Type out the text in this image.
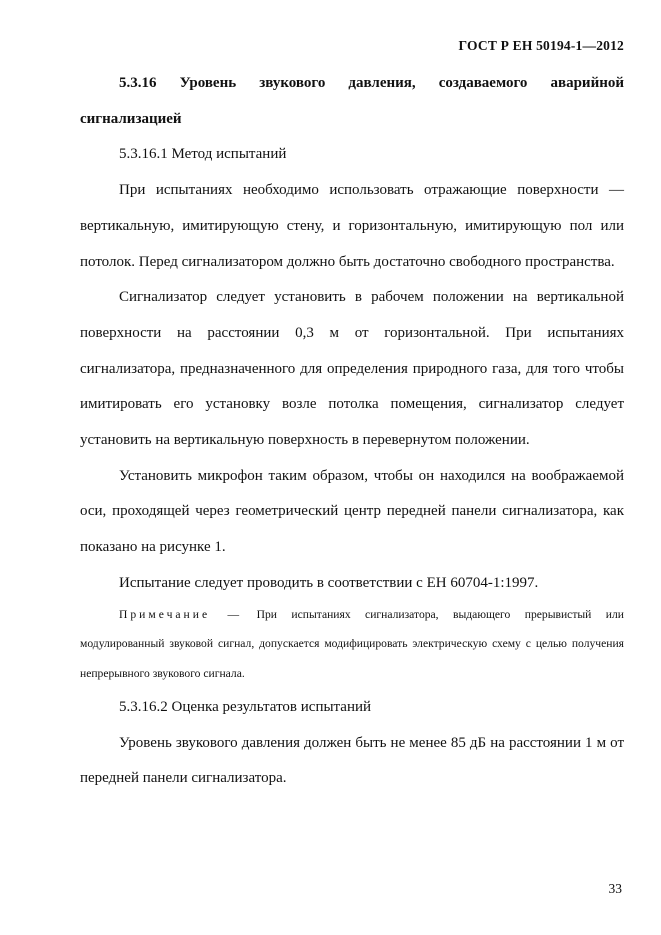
ГОСТ Р ЕН 50194-1—2012

5.3.16 Уровень звукового давления, создаваемого аварийной сигнализацией

5.3.16.1 Метод испытаний

При испытаниях необходимо использовать отражающие поверхности — вертикальную, имитирующую стену, и горизонтальную, имитирующую пол или потолок. Перед сигнализатором должно быть достаточно свободного пространства.

Сигнализатор следует установить в рабочем положении на вертикальной поверхности на расстоянии 0,3 м от горизонтальной. При испытаниях сигнализатора, предназначенного для определения природного газа, для того чтобы имитировать его установку возле потолка помещения, сигнализатор следует установить на вертикальную поверхность в перевернутом положении.

Установить микрофон таким образом, чтобы он находился на воображаемой оси, проходящей через геометрический центр передней панели сигнализатора, как показано на рисунке 1.

Испытание следует проводить в соответствии с ЕН 60704-1:1997.

Примечание — При испытаниях сигнализатора, выдающего прерывистый или модулированный звуковой сигнал, допускается модифицировать электрическую схему с целью получения непрерывного звукового сигнала.

5.3.16.2 Оценка результатов испытаний

Уровень звукового давления должен быть не менее 85 дБ на расстоянии 1 м от передней панели сигнализатора.

33
